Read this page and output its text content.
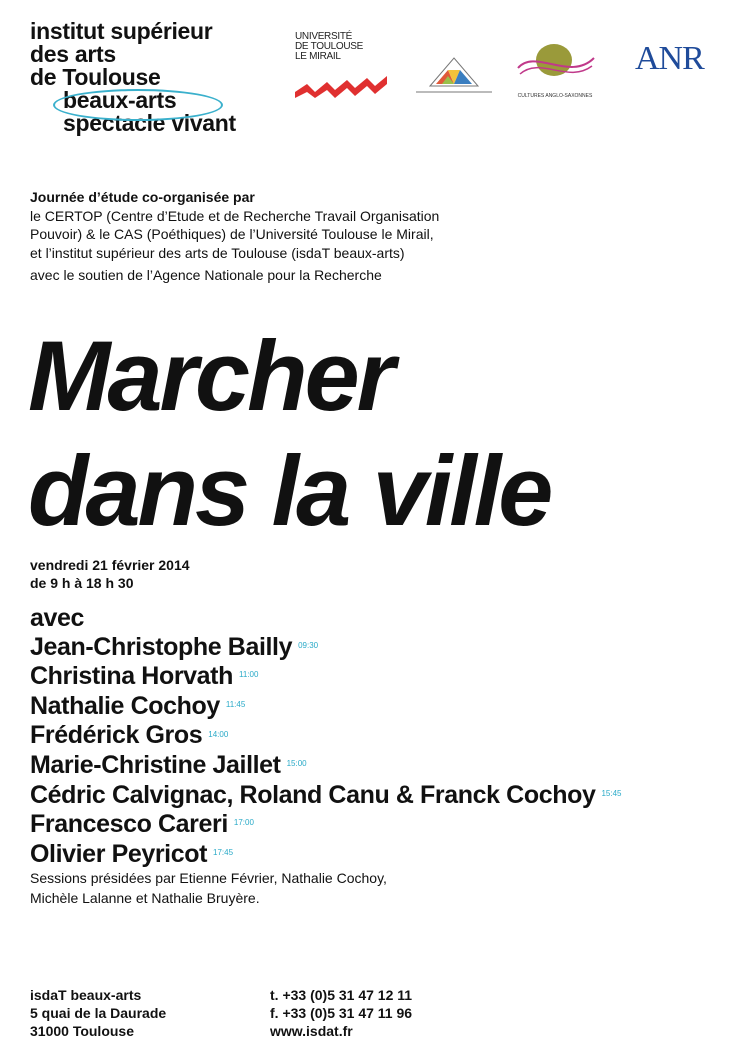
institut supérieur
des arts
de Toulouse
beaux-arts
spectacle vivant
UNIVERSITÉ
DE TOULOUSE
LE MIRAIL
CULTURES ANGLO-SAXONNES
ANR
Journée d’étude co-organisée par
le CERTOP (Centre d’Etude et de Recherche Travail Organisation
Pouvoir) & le CAS (Poéthiques) de l’Université Toulouse le Mirail,
et l’institut supérieur des arts de Toulouse (isdaT beaux-arts)
avec le soutien de l’Agence Nationale pour la Recherche
Marcher
dans la ville
vendredi 21 février 2014
de 9 h à 18 h 30
avec
Jean-Christophe Bailly 09:30
Christina Horvath 11:00
Nathalie Cochoy 11:45
Frédérick Gros 14:00
Marie-Christine Jaillet 15:00
Cédric Calvignac, Roland Canu & Franck Cochoy 15:45
Francesco Careri 17:00
Olivier Peyricot 17:45
Sessions présidées par Etienne Février, Nathalie Cochoy,
Michèle Lalanne et Nathalie Bruyère.
isdaT beaux-arts
5 quai de la Daurade
31000 Toulouse
t. +33 (0)5 31 47 12 11
f. +33 (0)5 31 47 11 96
www.isdat.fr
